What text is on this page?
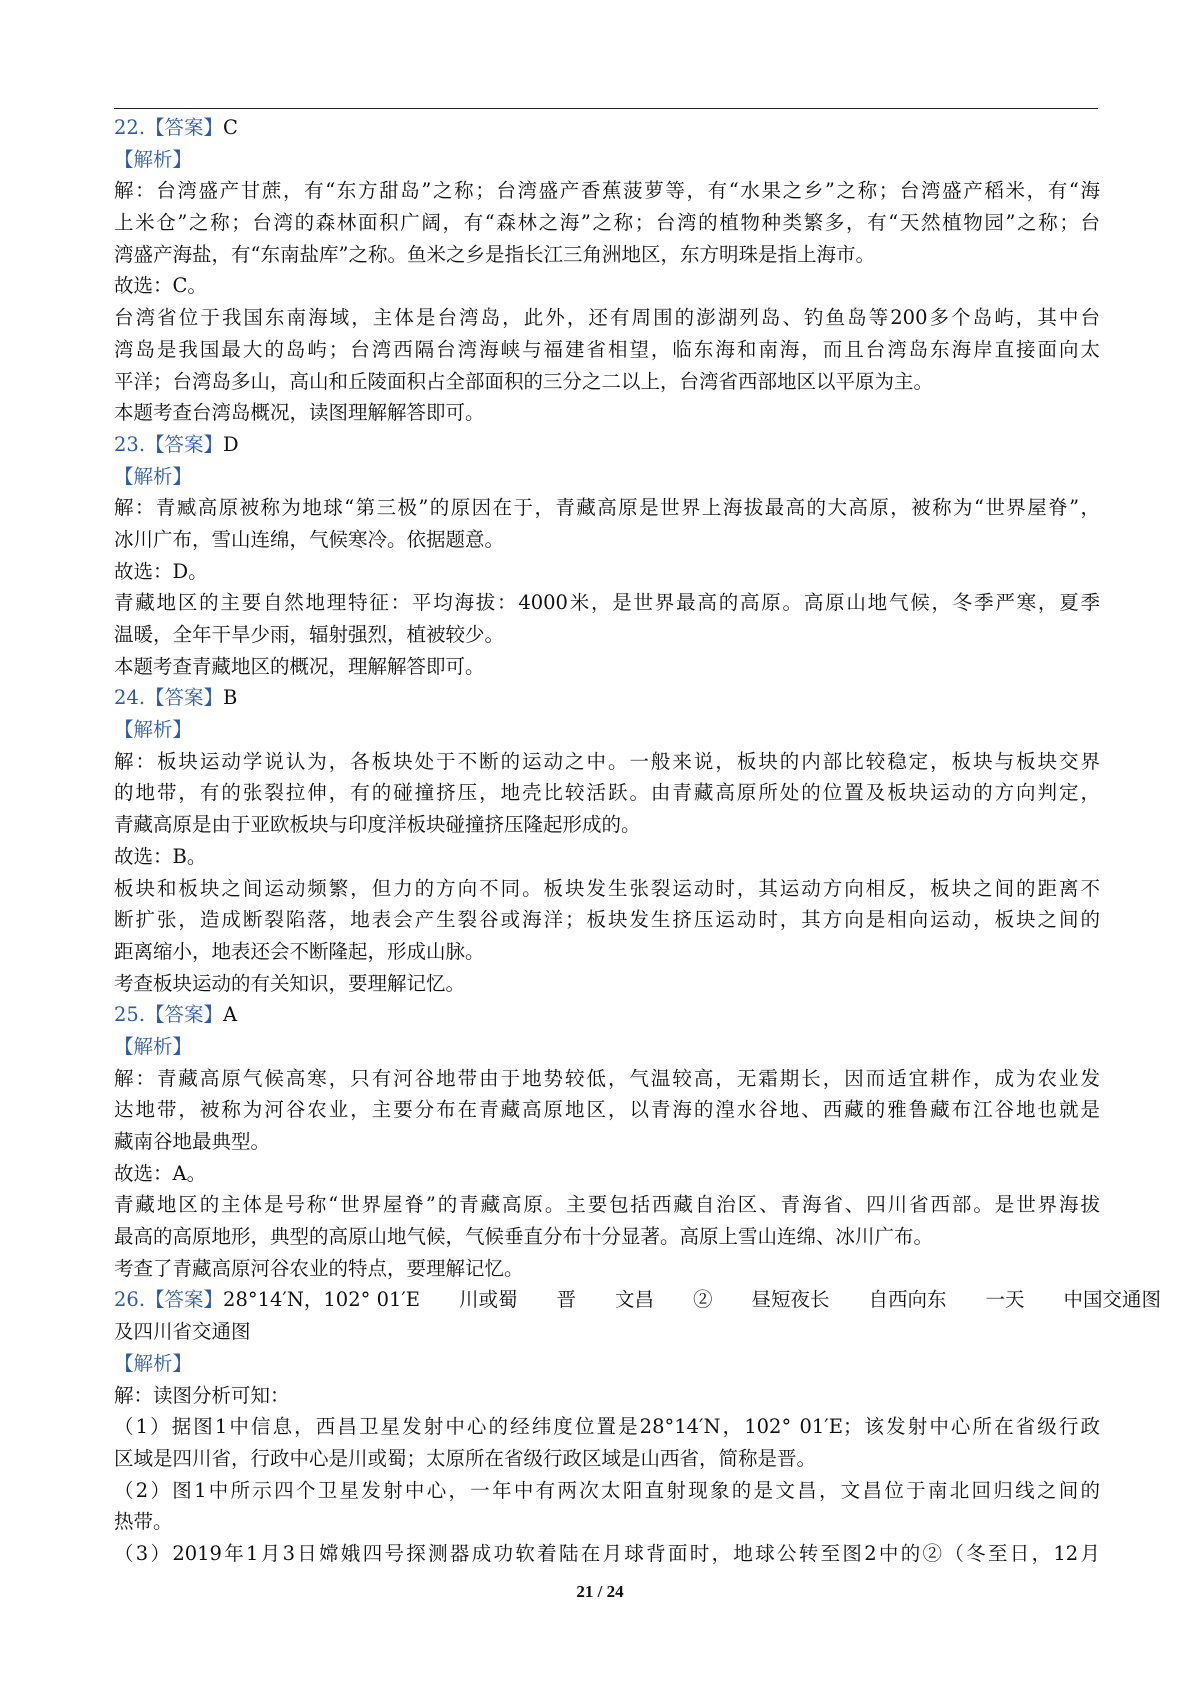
22.【答案】C
【解析】
解：台湾盛产甘蔗，有“东方甜岛”之称；台湾盛产香蕉菠萝等，有“水果之乡”之称；台湾盛产稻米，有“海
上米仓”之称；台湾的森林面积广阔，有“森林之海”之称；台湾的植物种类繁多，有“天然植物园”之称；台
湾盛产海盐，有“东南盐库”之称。鱼米之乡是指长江三角洲地区，东方明珠是指上海市。
故选：C。
台湾省位于我国东南海域，主体是台湾岛，此外，还有周围的澎湖列岛、钓鱼岛等200多个岛屿，其中台
湾岛是我国最大的岛屿；台湾西隔台湾海峡与福建省相望，临东海和南海，而且台湾岛东海岸直接面向太
平洋；台湾岛多山，高山和丘陵面积占全部面积的三分之二以上，台湾省西部地区以平原为主。
本题考查台湾岛概况，读图理解解答即可。
23.【答案】D
【解析】
解：青臧高原被称为地球“第三极”的原因在于，青藏高原是世界上海拔最高的大高原，被称为“世界屋脊”，
冰川广布，雪山连绵，气候寒冷。依据题意。
故选：D。
青藏地区的主要自然地理特征：平均海拔：4000米，是世界最高的高原。高原山地气候，冬季严寒，夏季
温暖，全年干旱少雨，辐射强烈，植被较少。
本题考查青藏地区的概况，理解解答即可。
24.【答案】B
【解析】
解：板块运动学说认为，各板块处于不断的运动之中。一般来说，板块的内部比较稳定，板块与板块交界
的地带，有的张裂拉伸，有的碰撞挤压，地壳比较活跃。由青藏高原所处的位置及板块运动的方向判定，
青藏高原是由于亚欧板块与印度洋板块碰撞挤压隆起形成的。
故选：B。
板块和板块之间运动频繁，但力的方向不同。板块发生张裂运动时，其运动方向相反，板块之间的距离不
断扩张，造成断裂陷落，地表会产生裂谷或海洋；板块发生挤压运动时，其方向是相向运动，板块之间的
距离缩小，地表还会不断隆起，形成山脉。
考查板块运动的有关知识，要理解记忆。
25.【答案】A
【解析】
解：青藏高原气候高寒，只有河谷地带由于地势较低，气温较高，无霜期长，因而适宜耕作，成为农业发
达地带，被称为河谷农业，主要分布在青藏高原地区，以青海的湟水谷地、西藏的雅鲁藏布江谷地也就是
藏南谷地最典型。
故选：A。
青藏地区的主体是号称“世界屋脊”的青藏高原。主要包括西藏自治区、青海省、四川省西部。是世界海拔
最高的高原地形，典型的高原山地气候，气候垂直分布十分显著。高原上雪山连绵、冰川广布。
考查了青藏高原河谷农业的特点，要理解记忆。
26.【答案】28°14′N，102° 01′E　　川或蜀　　晋　　文昌　　②　　昼短夜长　　自西向东　　一天　　中国交通图
及四川省交通图
【解析】
解：读图分析可知：
（1）据图1中信息，西昌卫星发射中心的经纬度位置是28°14′N，102° 01′E；该发射中心所在省级行政
区域是四川省，行政中心是川或蜀；太原所在省级行政区域是山西省，简称是晋。
（2）图1中所示四个卫星发射中心，一年中有两次太阳直射现象的是文昌，文昌位于南北回归线之间的
热带。
（3）2019年1月3日嫦娥四号探测器成功软着陆在月球背面时，地球公转至图2中的②（冬至日，12月
21 / 24
